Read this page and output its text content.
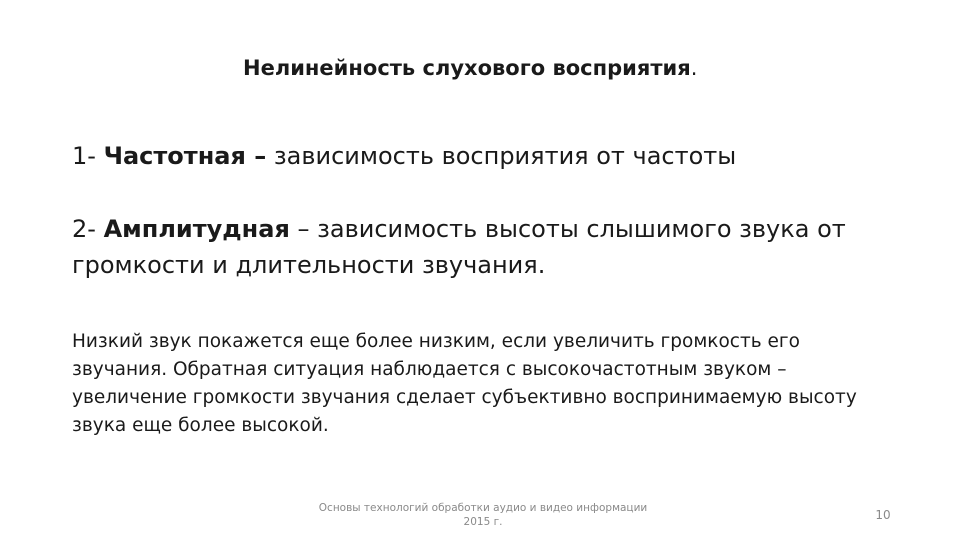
Нелинейность слухового восприятия.
1- Частотная – зависимость восприятия от частоты
2- Амплитудная – зависимость высоты слышимого звука от громкости и длительности звучания.
Низкий звук покажется еще более низким, если увеличить громкость его звучания. Обратная ситуация наблюдается с высокочастотным звуком – увеличение громкости звучания сделает субъективно воспринимаемую высоту звука еще более высокой.
Основы технологий обработки аудио и видео информации
2015 г.	10
